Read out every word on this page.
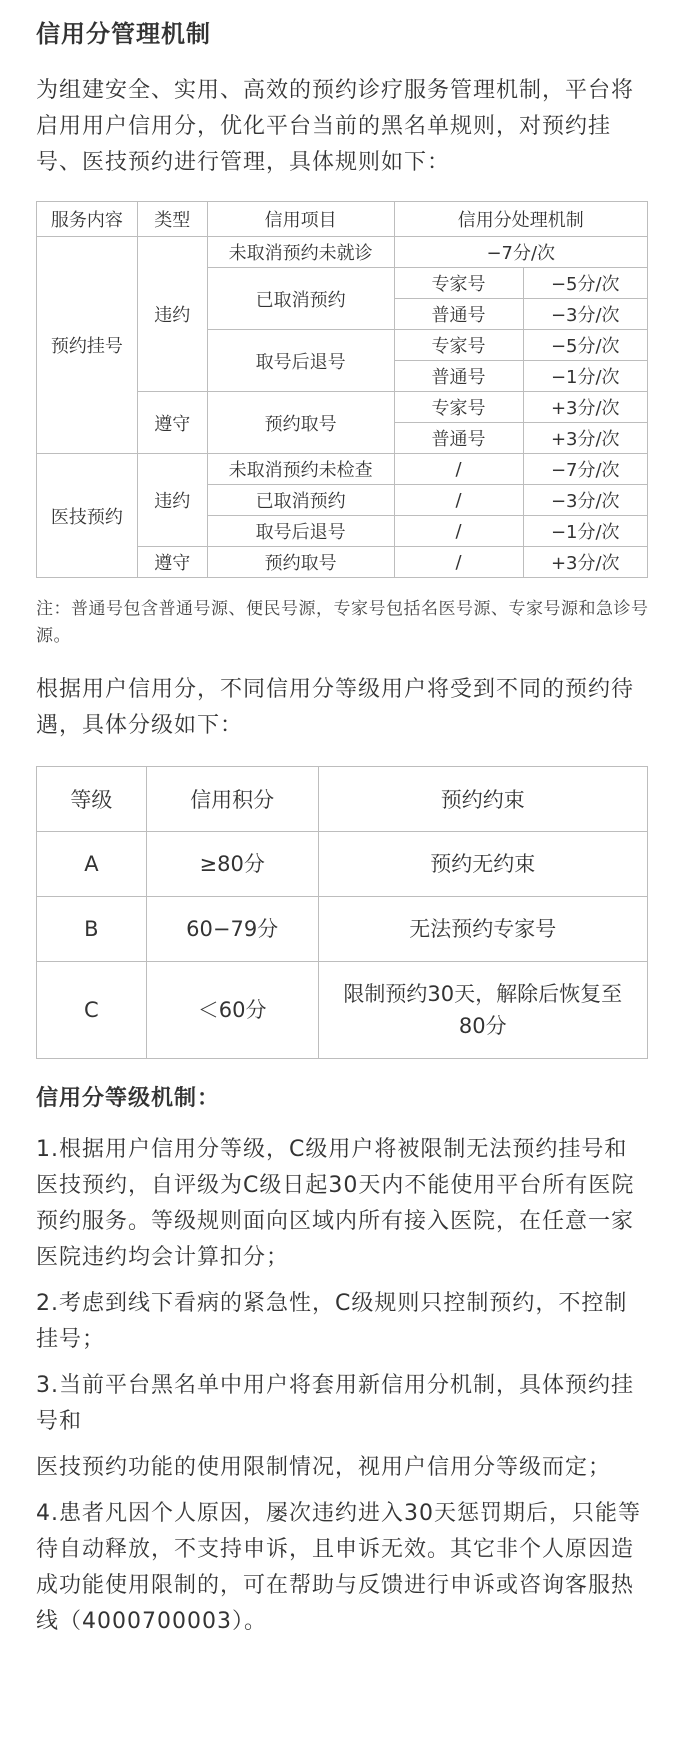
信用分管理机制

为组建安全、实用、高效的预约诊疗服务管理机制，平台将启用用户信用分，优化平台当前的黑名单规则，对预约挂号、医技预约进行管理，具体规则如下：

服务内容	类型	信用项目	信用分处理机制	
预约挂号	违约	未取消预约未就诊	−7分/次	
		已取消预约	专家号	−5分/次
			普通号	−3分/次
		取号后退号	专家号	−5分/次
			普通号	−1分/次
	遵守	预约取号	专家号	+3分/次
			普通号	+3分/次
医技预约	违约	未取消预约未检查	/	−7分/次
		已取消预约	/	−3分/次
		取号后退号	/	−1分/次
	遵守	预约取号	/	+3分/次

注：普通号包含普通号源、便民号源，专家号包括名医号源、专家号源和急诊号源。

根据用户信用分，不同信用分等级用户将受到不同的预约待遇，具体分级如下：

等级	信用积分	预约约束
A	≥80分	预约无约束
B	60−79分	无法预约专家号
C	＜60分	限制预约30天，解除后恢复至80分
信用分等级机制：

1.根据用户信用分等级，C级用户将被限制无法预约挂号和医技预约，自评级为C级日起30天内不能使用平台所有医院预约服务。等级规则面向区域内所有接入医院，在任意一家医院违约均会计算扣分；

2.考虑到线下看病的紧急性，C级规则只控制预约，不控制挂号；

3.当前平台黑名单中用户将套用新信用分机制，具体预约挂号和

医技预约功能的使用限制情况，视用户信用分等级而定；

4.患者凡因个人原因，屡次违约进入30天惩罚期后，只能等待自动释放，不支持申诉，且申诉无效。其它非个人原因造成功能使用限制的，可在帮助与反馈进行申诉或咨询客服热线（4000700003）。
